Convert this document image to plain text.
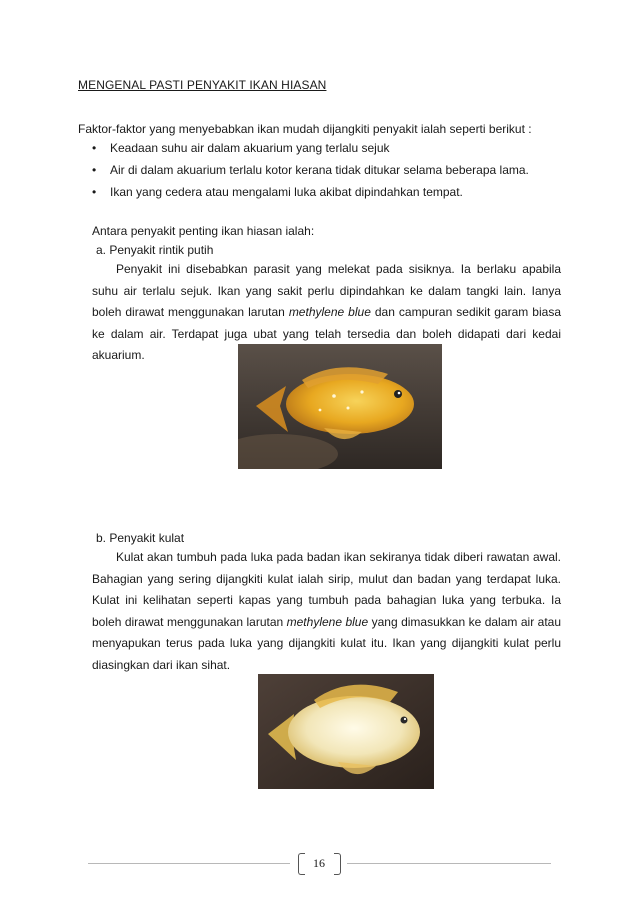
MENGENAL PASTI PENYAKIT IKAN HIASAN
Faktor-faktor yang menyebabkan ikan mudah dijangkiti penyakit ialah seperti berikut :
• Keadaan suhu air dalam akuarium yang terlalu sejuk
• Air di dalam akuarium terlalu kotor kerana tidak ditukar selama beberapa lama.
• Ikan yang cedera atau mengalami luka akibat dipindahkan tempat.
Antara penyakit penting ikan hiasan ialah:
a. Penyakit rintik putih

Penyakit ini disebabkan parasit yang melekat pada sisiknya. Ia berlaku apabila suhu air terlalu sejuk. Ikan yang sakit perlu dipindahkan ke dalam tangki lain. Ianya boleh dirawat menggunakan larutan methylene blue dan campuran sedikit garam biasa ke dalam air. Terdapat juga ubat yang telah tersedia dan boleh didapati dari kedai akuarium.

b. Penyakit kulat

Kulat akan tumbuh pada luka pada badan ikan sekiranya tidak diberi rawatan awal. Bahagian yang sering dijangkiti kulat ialah sirip, mulut dan badan yang terdapat luka. Kulat ini kelihatan seperti kapas yang tumbuh pada bahagian luka yang terbuka. Ia boleh dirawat menggunakan larutan methylene blue yang dimasukkan ke dalam air atau menyapukan terus pada luka yang dijangkiti kulat itu. Ikan yang dijangkiti kulat perlu diasingkan dari ikan sihat.

16
